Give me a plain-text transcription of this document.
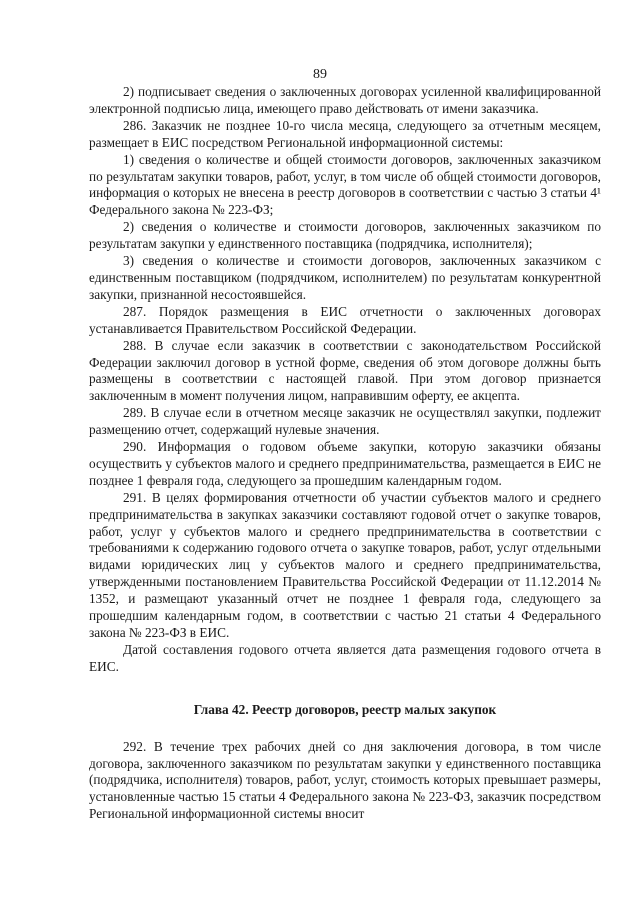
89

2) подписывает сведения о заключенных договорах усиленной квалифицированной электронной подписью лица, имеющего право действовать от имени заказчика.

286. Заказчик не позднее 10-го числа месяца, следующего за отчетным месяцем, размещает в ЕИС посредством Региональной информационной системы:

1) сведения о количестве и общей стоимости договоров, заключенных заказчиком по результатам закупки товаров, работ, услуг, в том числе об общей стоимости договоров, информация о которых не внесена в реестр договоров в соответствии с частью 3 статьи 4¹ Федерального закона № 223-ФЗ;

2) сведения о количестве и стоимости договоров, заключенных заказчиком по результатам закупки у единственного поставщика (подрядчика, исполнителя);

3) сведения о количестве и стоимости договоров, заключенных заказчиком с единственным поставщиком (подрядчиком, исполнителем) по результатам конкурентной закупки, признанной несостоявшейся.

287. Порядок размещения в ЕИС отчетности о заключенных договорах устанавливается Правительством Российской Федерации.

288. В случае если заказчик в соответствии с законодательством Российской Федерации заключил договор в устной форме, сведения об этом договоре должны быть размещены в соответствии с настоящей главой. При этом договор признается заключенным в момент получения лицом, направившим оферту, ее акцепта.

289. В случае если в отчетном месяце заказчик не осуществлял закупки, подлежит размещению отчет, содержащий нулевые значения.

290. Информация о годовом объеме закупки, которую заказчики обязаны осуществить у субъектов малого и среднего предпринимательства, размещается в ЕИС не позднее 1 февраля года, следующего за прошедшим календарным годом.

291. В целях формирования отчетности об участии субъектов малого и среднего предпринимательства в закупках заказчики составляют годовой отчет о закупке товаров, работ, услуг у субъектов малого и среднего предпринимательства в соответствии с требованиями к содержанию годового отчета о закупке товаров, работ, услуг отдельными видами юридических лиц у субъектов малого и среднего предпринимательства, утвержденными постановлением Правительства Российской Федерации от 11.12.2014 № 1352, и размещают указанный отчет не позднее 1 февраля года, следующего за прошедшим календарным годом, в соответствии с частью 21 статьи 4 Федерального закона № 223-ФЗ в ЕИС.

Датой составления годового отчета является дата размещения годового отчета в ЕИС.

Глава 42. Реестр договоров, реестр малых закупок

292. В течение трех рабочих дней со дня заключения договора, в том числе договора, заключенного заказчиком по результатам закупки у единственного поставщика (подрядчика, исполнителя) товаров, работ, услуг, стоимость которых превышает размеры, установленные частью 15 статьи 4 Федерального закона № 223-ФЗ, заказчик посредством Региональной информационной системы вносит
